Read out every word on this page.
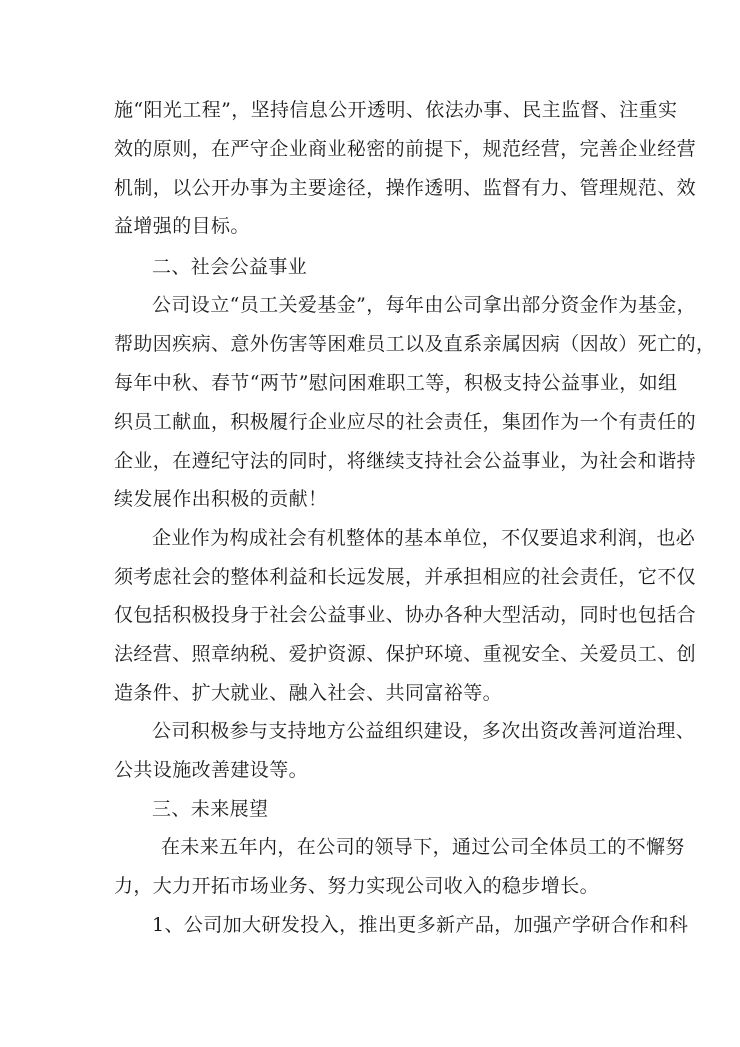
施“阳光工程”，坚持信息公开透明、依法办事、民主监督、注重实
效的原则，在严守企业商业秘密的前提下，规范经营，完善企业经营
机制，以公开办事为主要途径，操作透明、监督有力、管理规范、效
益增强的目标。
二、社会公益事业
公司设立“员工关爱基金”，每年由公司拿出部分资金作为基金，
帮助因疾病、意外伤害等困难员工以及直系亲属因病（因故）死亡的，
每年中秋、春节“两节”慰问困难职工等，积极支持公益事业，如组
织员工献血，积极履行企业应尽的社会责任，集团作为一个有责任的
企业，在遵纪守法的同时，将继续支持社会公益事业，为社会和谐持
续发展作出积极的贡献！
企业作为构成社会有机整体的基本单位，不仅要追求利润，也必
须考虑社会的整体利益和长远发展，并承担相应的社会责任，它不仅
仅包括积极投身于社会公益事业、协办各种大型活动，同时也包括合
法经营、照章纳税、爱护资源、保护环境、重视安全、关爱员工、创
造条件、扩大就业、融入社会、共同富裕等。
公司积极参与支持地方公益组织建设，多次出资改善河道治理、
公共设施改善建设等。
三、未来展望
在未来五年内，在公司的领导下，通过公司全体员工的不懈努
力，大力开拓市场业务、努力实现公司收入的稳步增长。
1、公司加大研发投入，推出更多新产品，加强产学研合作和科
